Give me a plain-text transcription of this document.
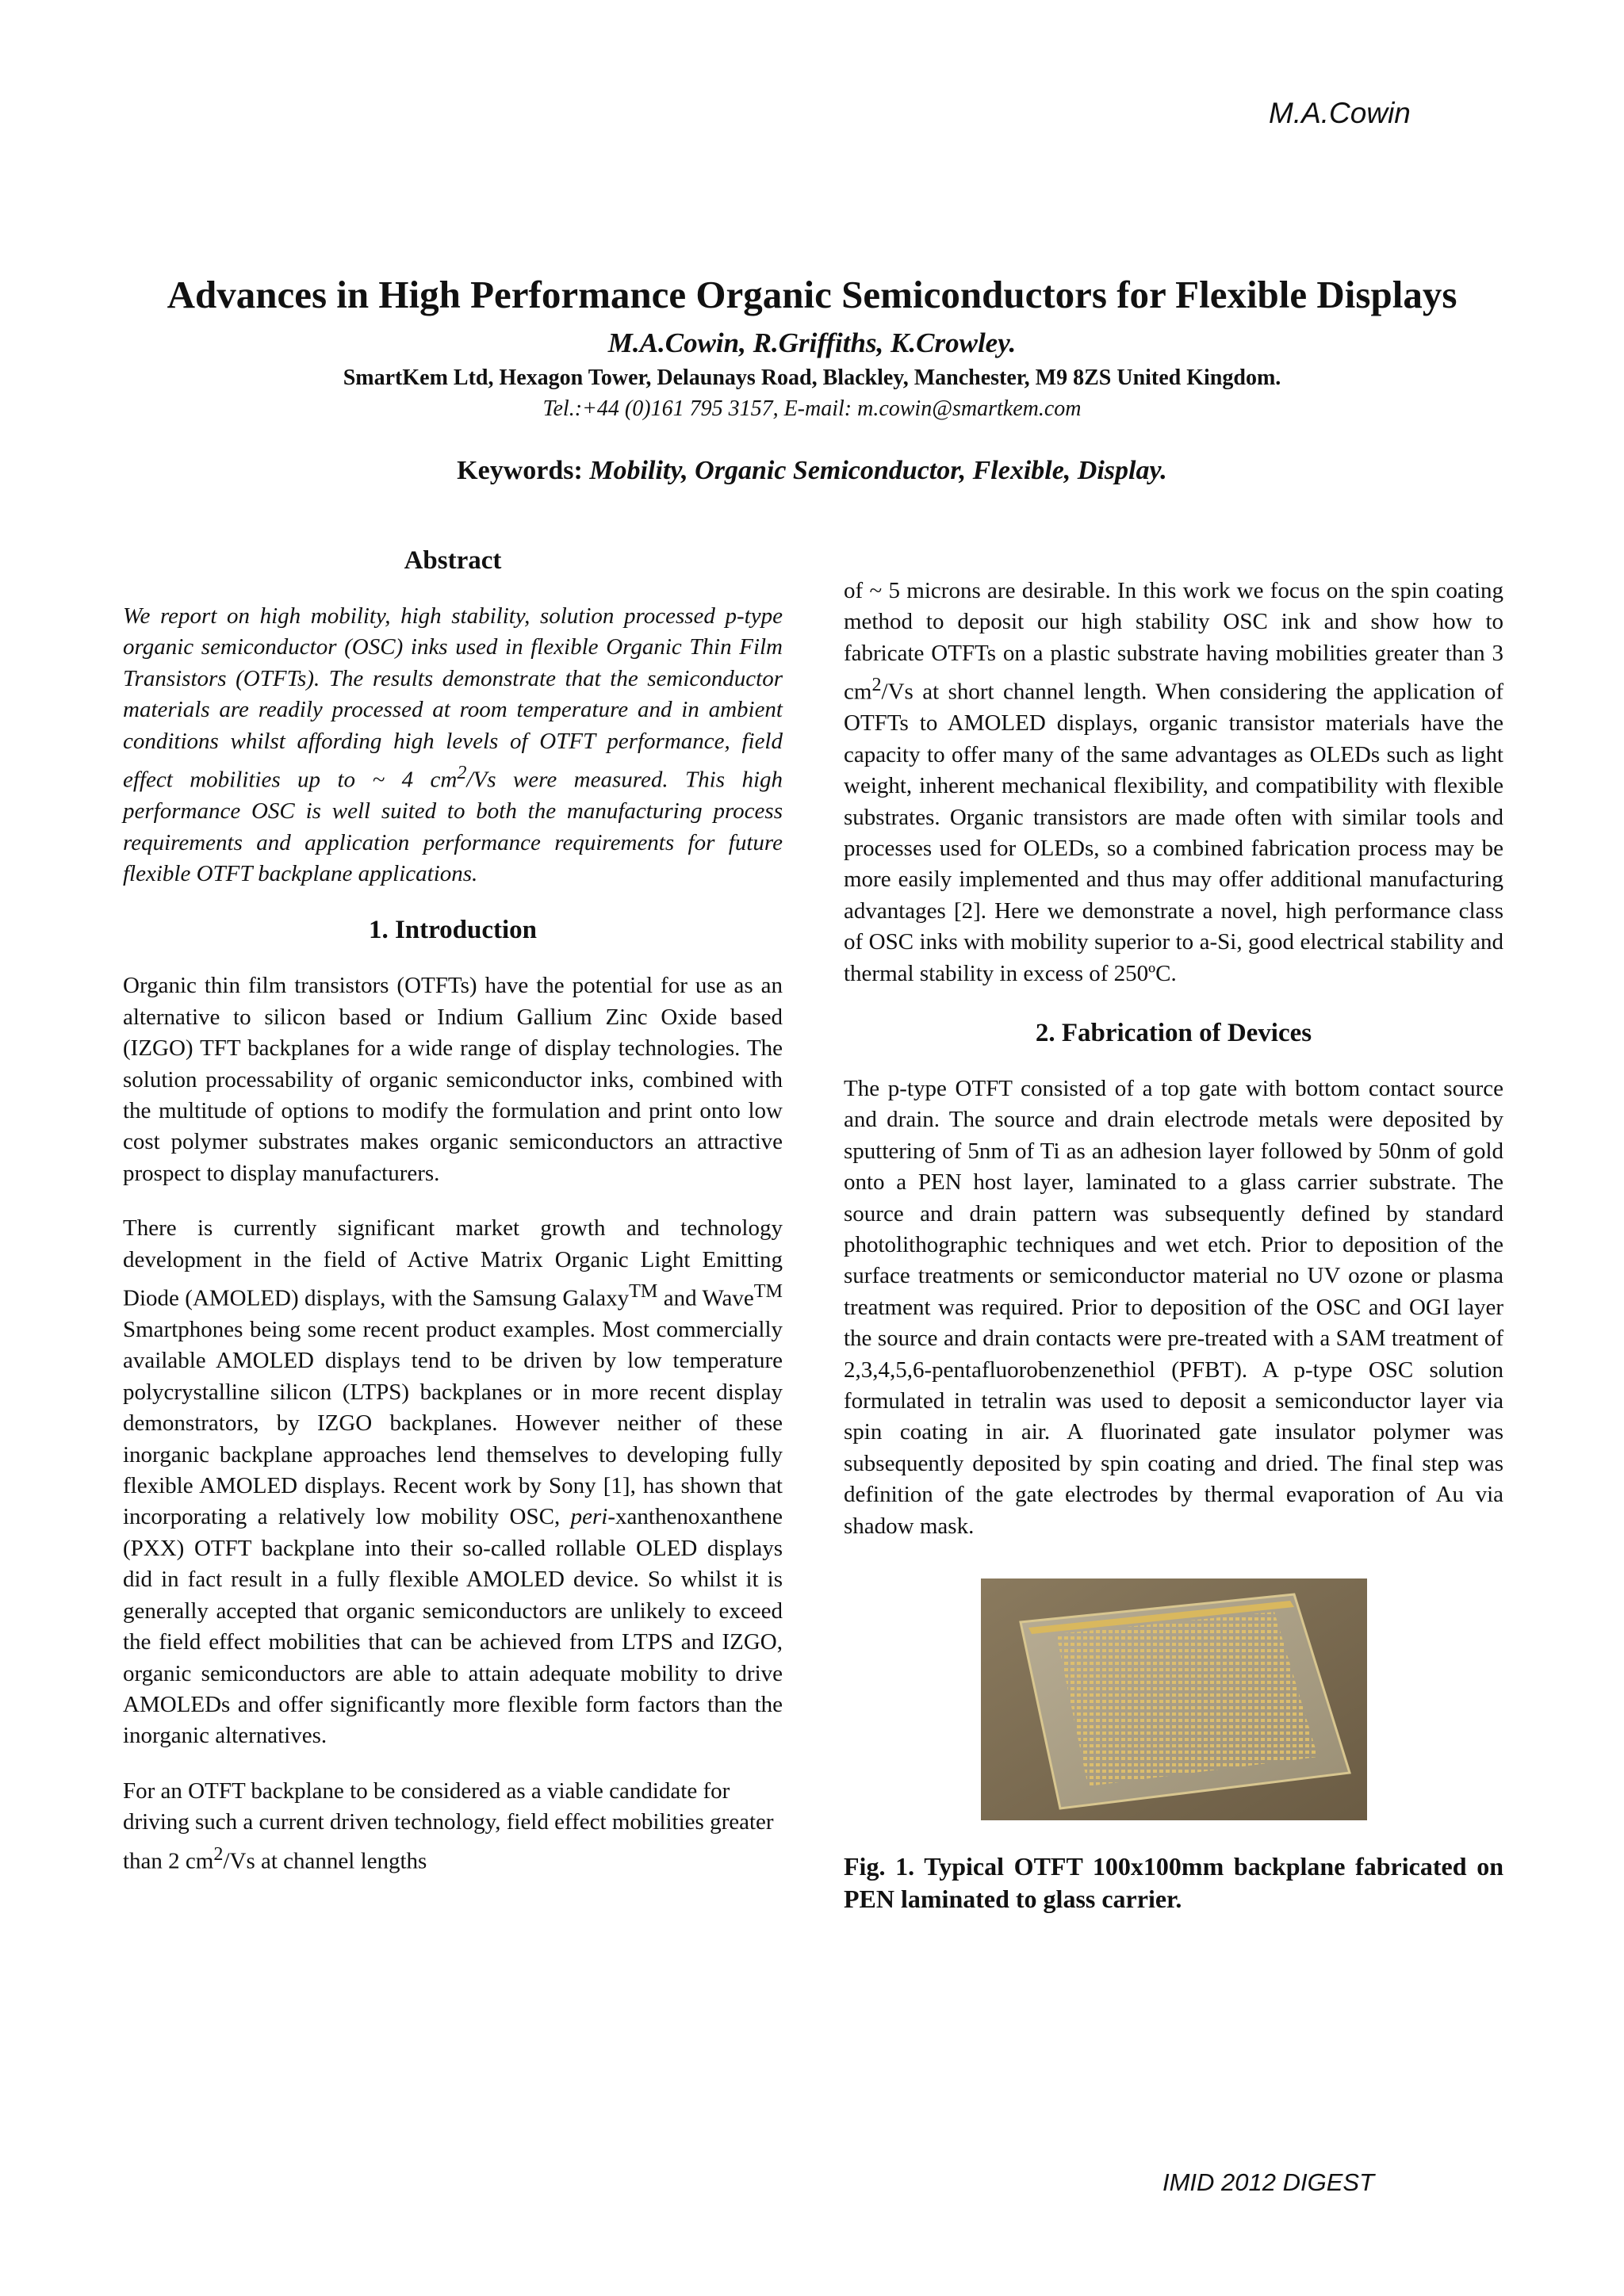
M.A.Cowin
Advances in High Performance Organic Semiconductors for Flexible Displays
M.A.Cowin, R.Griffiths, K.Crowley.
SmartKem Ltd, Hexagon Tower, Delaunays Road, Blackley, Manchester, M9 8ZS United Kingdom.
Tel.:+44 (0)161 795 3157, E-mail: m.cowin@smartkem.com
Keywords: Mobility, Organic Semiconductor, Flexible, Display.
Abstract

We report on high mobility, high stability, solution processed p-type organic semiconductor (OSC) inks used in flexible Organic Thin Film Transistors (OTFTs). The results demonstrate that the semiconductor materials are readily processed at room temperature and in ambient conditions whilst affording high levels of OTFT performance, field effect mobilities up to ~ 4 $cm^2/Vs$ were measured. This high performance OSC is well suited to both the manufacturing process requirements and application performance requirements for future flexible OTFT backplane applications.

1. Introduction

Organic thin film transistors (OTFTs) have the potential for use as an alternative to silicon based or Indium Gallium Zinc Oxide based (IZGO) TFT backplanes for a wide range of display technologies. The solution processability of organic semiconductor inks, combined with the multitude of options to modify the formulation and print onto low cost polymer substrates makes organic semiconductors an attractive prospect to display manufacturers.

There is currently significant market growth and technology development in the field of Active Matrix Organic Light Emitting Diode (AMOLED) displays, with the Samsung Galaxy™ and Wave™ Smartphones being some recent product examples. Most commercially available AMOLED displays tend to be driven by low temperature polycrystalline silicon (LTPS) backplanes or in more recent display demonstrators, by IZGO backplanes. However neither of these inorganic backplane approaches lend themselves to developing fully flexible AMOLED displays. Recent work by Sony [1], has shown that incorporating a relatively low mobility OSC, peri-xanthenoxanthene (PXX) OTFT backplane into their so-called rollable OLED displays did in fact result in a fully flexible AMOLED device. So whilst it is generally accepted that organic semiconductors are unlikely to exceed the field effect mobilities that can be achieved from LTPS and IZGO, organic semiconductors are able to attain adequate mobility to drive AMOLEDs and offer significantly more flexible form factors than the inorganic alternatives.

For an OTFT backplane to be considered as a viable candidate for driving such a current driven technology, field effect mobilities greater than 2 $cm^2/Vs$ at channel lengths

of ~ 5 microns are desirable. In this work we focus on the spin coating method to deposit our high stability OSC ink and show how to fabricate OTFTs on a plastic substrate having mobilities greater than 3 $cm^2/Vs$ at short channel length. When considering the application of OTFTs to AMOLED displays, organic transistor materials have the capacity to offer many of the same advantages as OLEDs such as light weight, inherent mechanical flexibility, and compatibility with flexible substrates. Organic transistors are made often with similar tools and processes used for OLEDs, so a combined fabrication process may be more easily implemented and thus may offer additional manufacturing advantages [2]. Here we demonstrate a novel, high performance class of OSC inks with mobility superior to a-Si, good electrical stability and thermal stability in excess of 250ºC.

2. Fabrication of Devices

The p-type OTFT consisted of a top gate with bottom contact source and drain. The source and drain electrode metals were deposited by sputtering of 5nm of Ti as an adhesion layer followed by 50nm of gold onto a PEN host layer, laminated to a glass carrier substrate. The source and drain pattern was subsequently defined by standard photolithographic techniques and wet etch. Prior to deposition of the surface treatments or semiconductor material no UV ozone or plasma treatment was required. Prior to deposition of the OSC and OGI layer the source and drain contacts were pre-treated with a SAM treatment of 2,3,4,5,6-pentafluorobenzenethiol (PFBT). A p-type OSC solution formulated in tetralin was used to deposit a semiconductor layer via spin coating in air. A fluorinated gate insulator polymer was subsequently deposited by spin coating and dried. The final step was definition of the gate electrodes by thermal evaporation of Au via shadow mask.

Fig. 1. Typical OTFT 100x100mm backplane fabricated on PEN laminated to glass carrier.
IMID 2012 DIGEST
